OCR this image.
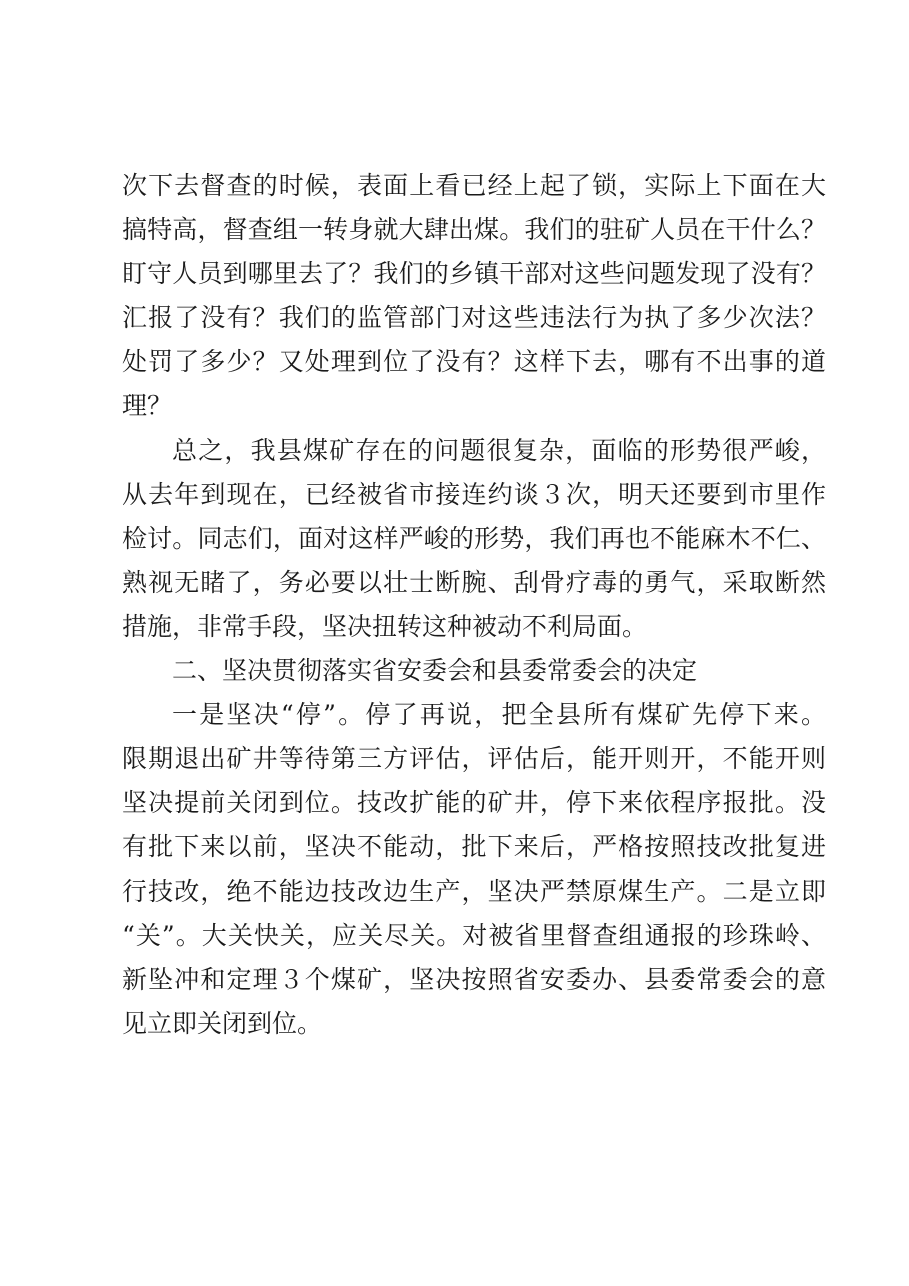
次下去督查的时候，表面上看已经上起了锁，实际上下面在大
搞特高，督查组一转身就大肆出煤。我们的驻矿人员在干什么？
盯守人员到哪里去了？我们的乡镇干部对这些问题发现了没有？
汇报了没有？我们的监管部门对这些违法行为执了多少次法？
处罚了多少？又处理到位了没有？这样下去，哪有不出事的道
理？
总之，我县煤矿存在的问题很复杂，面临的形势很严峻，
从去年到现在，已经被省市接连约谈３次，明天还要到市里作
检讨。同志们，面对这样严峻的形势，我们再也不能麻木不仁、
熟视无睹了，务必要以壮士断腕、刮骨疗毒的勇气，采取断然
措施，非常手段，坚决扭转这种被动不利局面。
二、坚决贯彻落实省安委会和县委常委会的决定
一是坚决“停”。停了再说，把全县所有煤矿先停下来。
限期退出矿井等待第三方评估，评估后，能开则开，不能开则
坚决提前关闭到位。技改扩能的矿井，停下来依程序报批。没
有批下来以前，坚决不能动，批下来后，严格按照技改批复进
行技改，绝不能边技改边生产，坚决严禁原煤生产。二是立即
“关”。大关快关，应关尽关。对被省里督查组通报的珍珠岭、
新坠冲和定理３个煤矿，坚决按照省安委办、县委常委会的意
见立即关闭到位。
